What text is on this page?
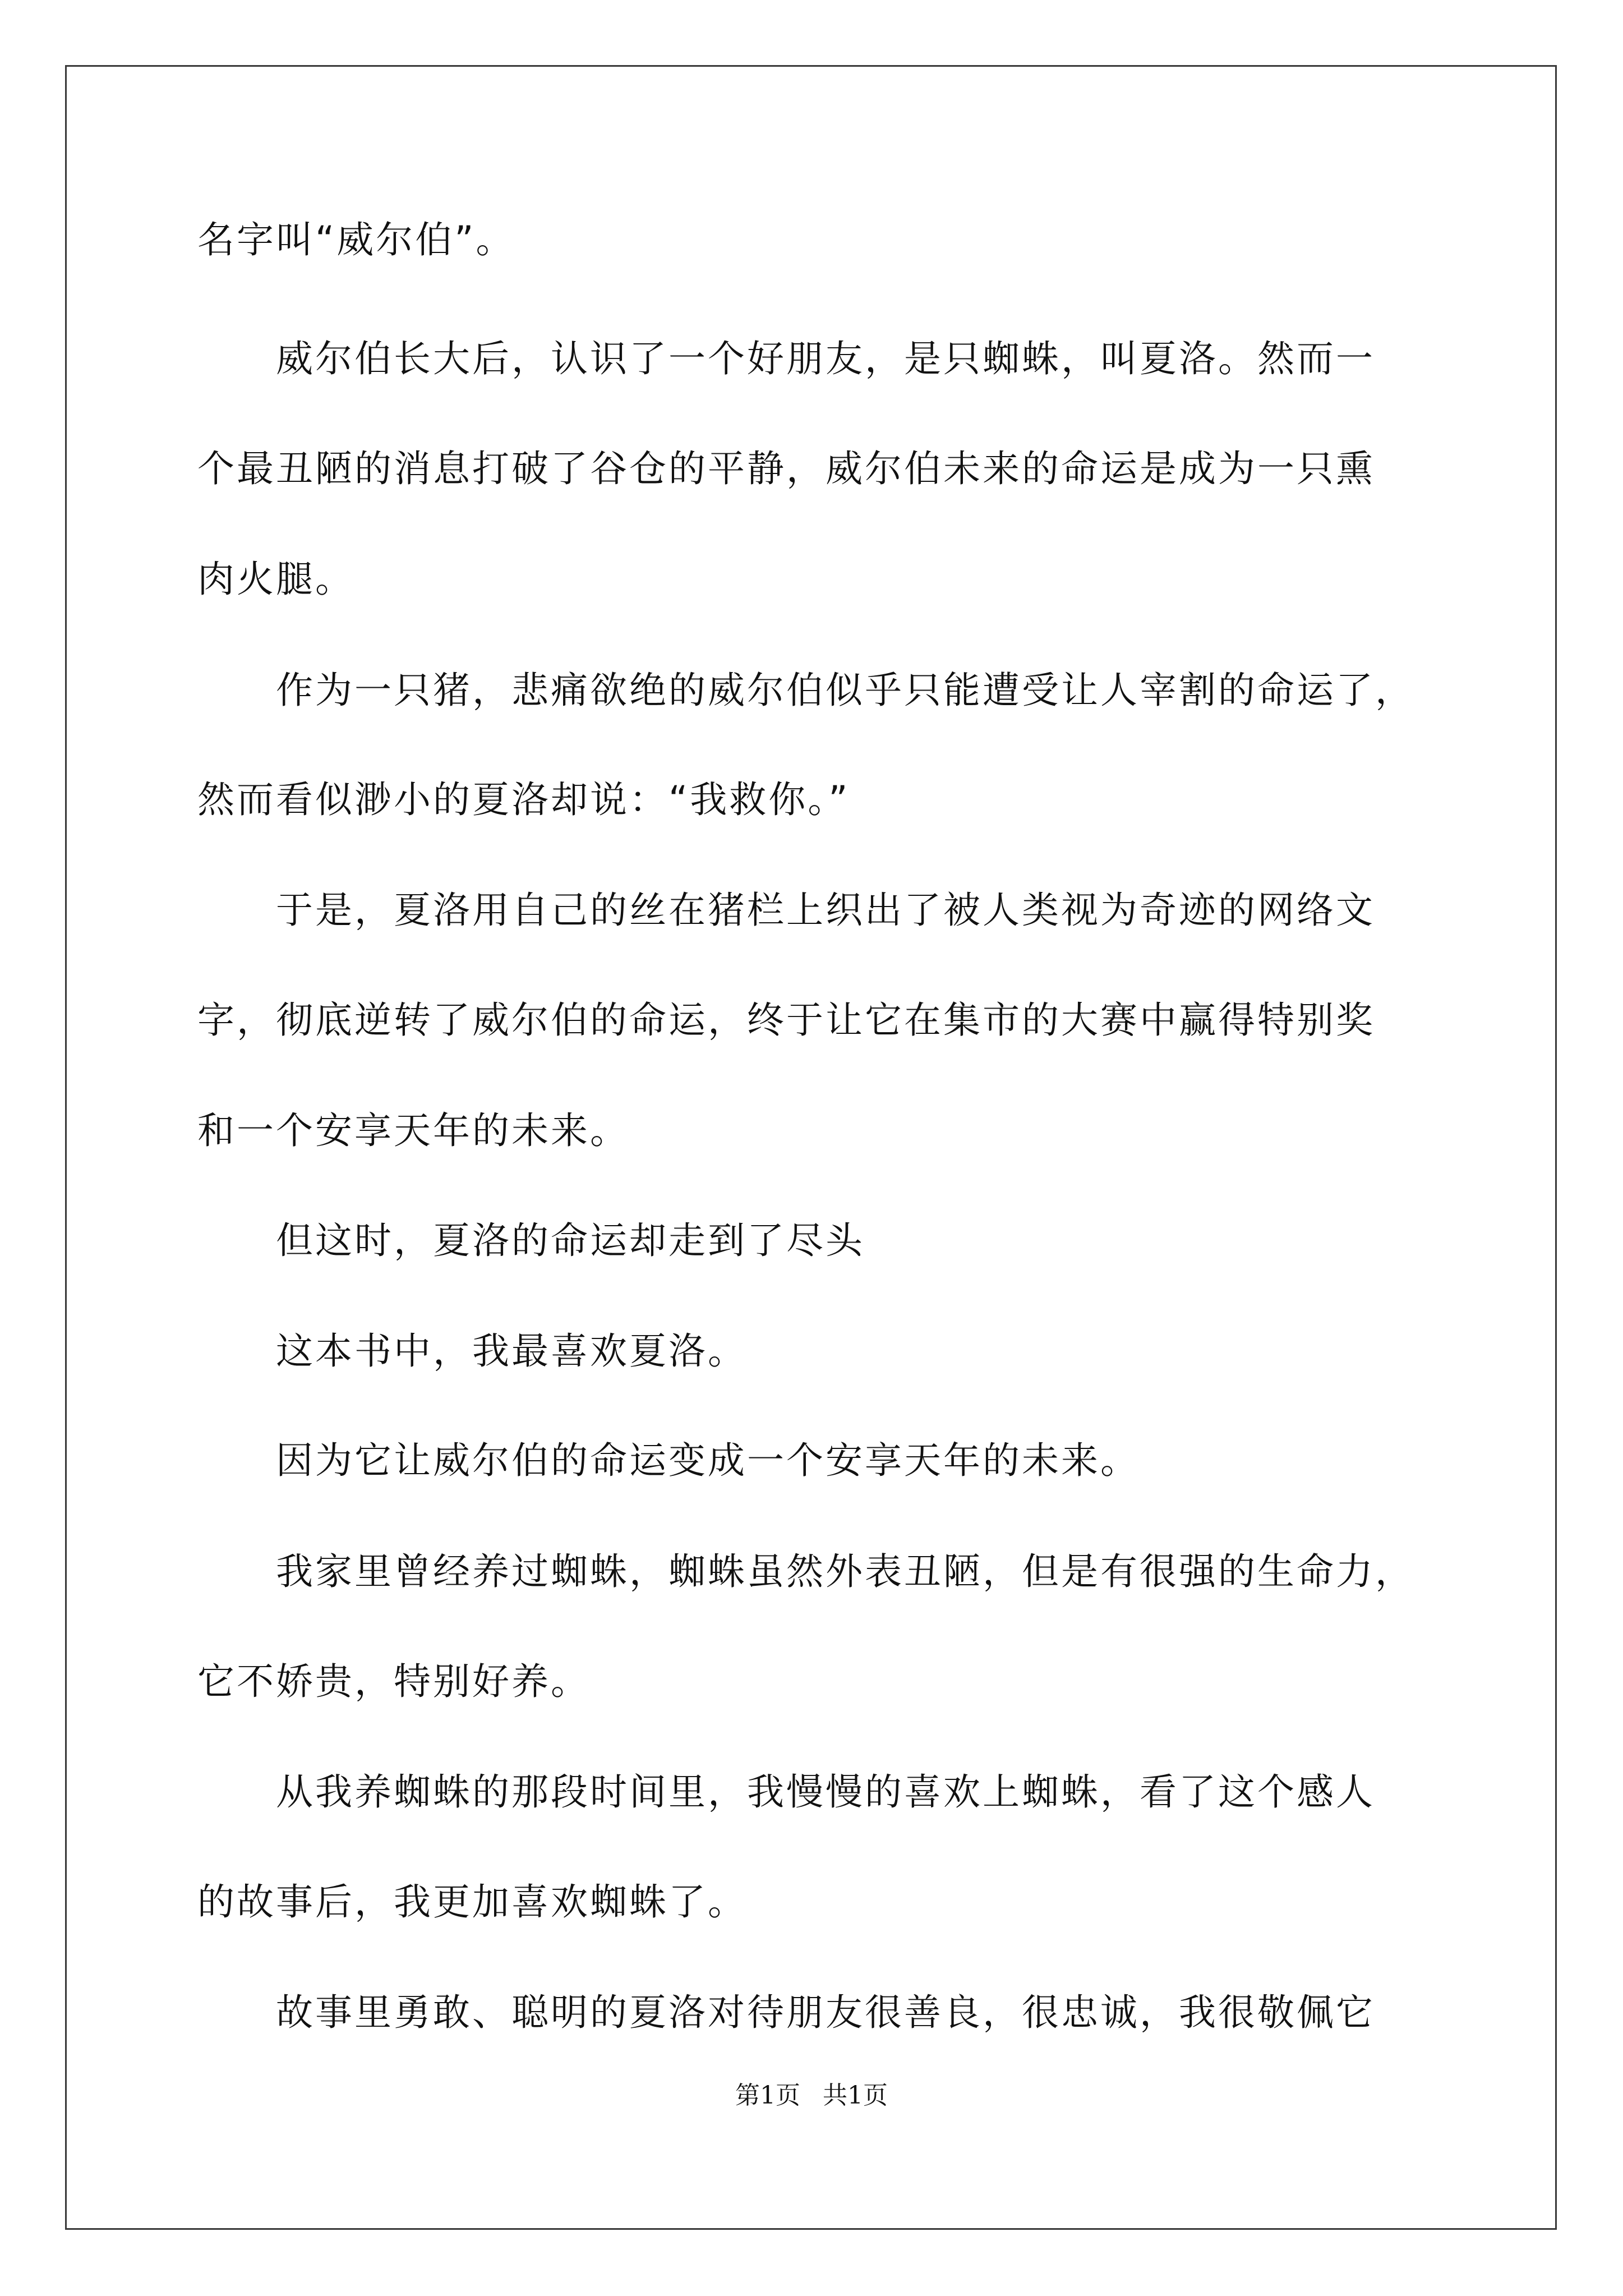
名字叫“威尔伯”。

　　威尔伯长大后，认识了一个好朋友，是只蜘蛛，叫夏洛。然而一

个最丑陋的消息打破了谷仓的平静，威尔伯未来的命运是成为一只熏

肉火腿。

　　作为一只猪，悲痛欲绝的威尔伯似乎只能遭受让人宰割的命运了，

然而看似渺小的夏洛却说：“我救你。”

　　于是，夏洛用自己的丝在猪栏上织出了被人类视为奇迹的网络文

字，彻底逆转了威尔伯的命运，终于让它在集市的大赛中赢得特别奖

和一个安享天年的未来。

　　但这时，夏洛的命运却走到了尽头

　　这本书中，我最喜欢夏洛。

　　因为它让威尔伯的命运变成一个安享天年的未来。

　　我家里曾经养过蜘蛛，蜘蛛虽然外表丑陋，但是有很强的生命力，

它不娇贵，特别好养。

　　从我养蜘蛛的那段时间里，我慢慢的喜欢上蜘蛛，看了这个感人

的故事后，我更加喜欢蜘蛛了。

　　故事里勇敢、聪明的夏洛对待朋友很善良，很忠诚，我很敬佩它

第1页 共1页
